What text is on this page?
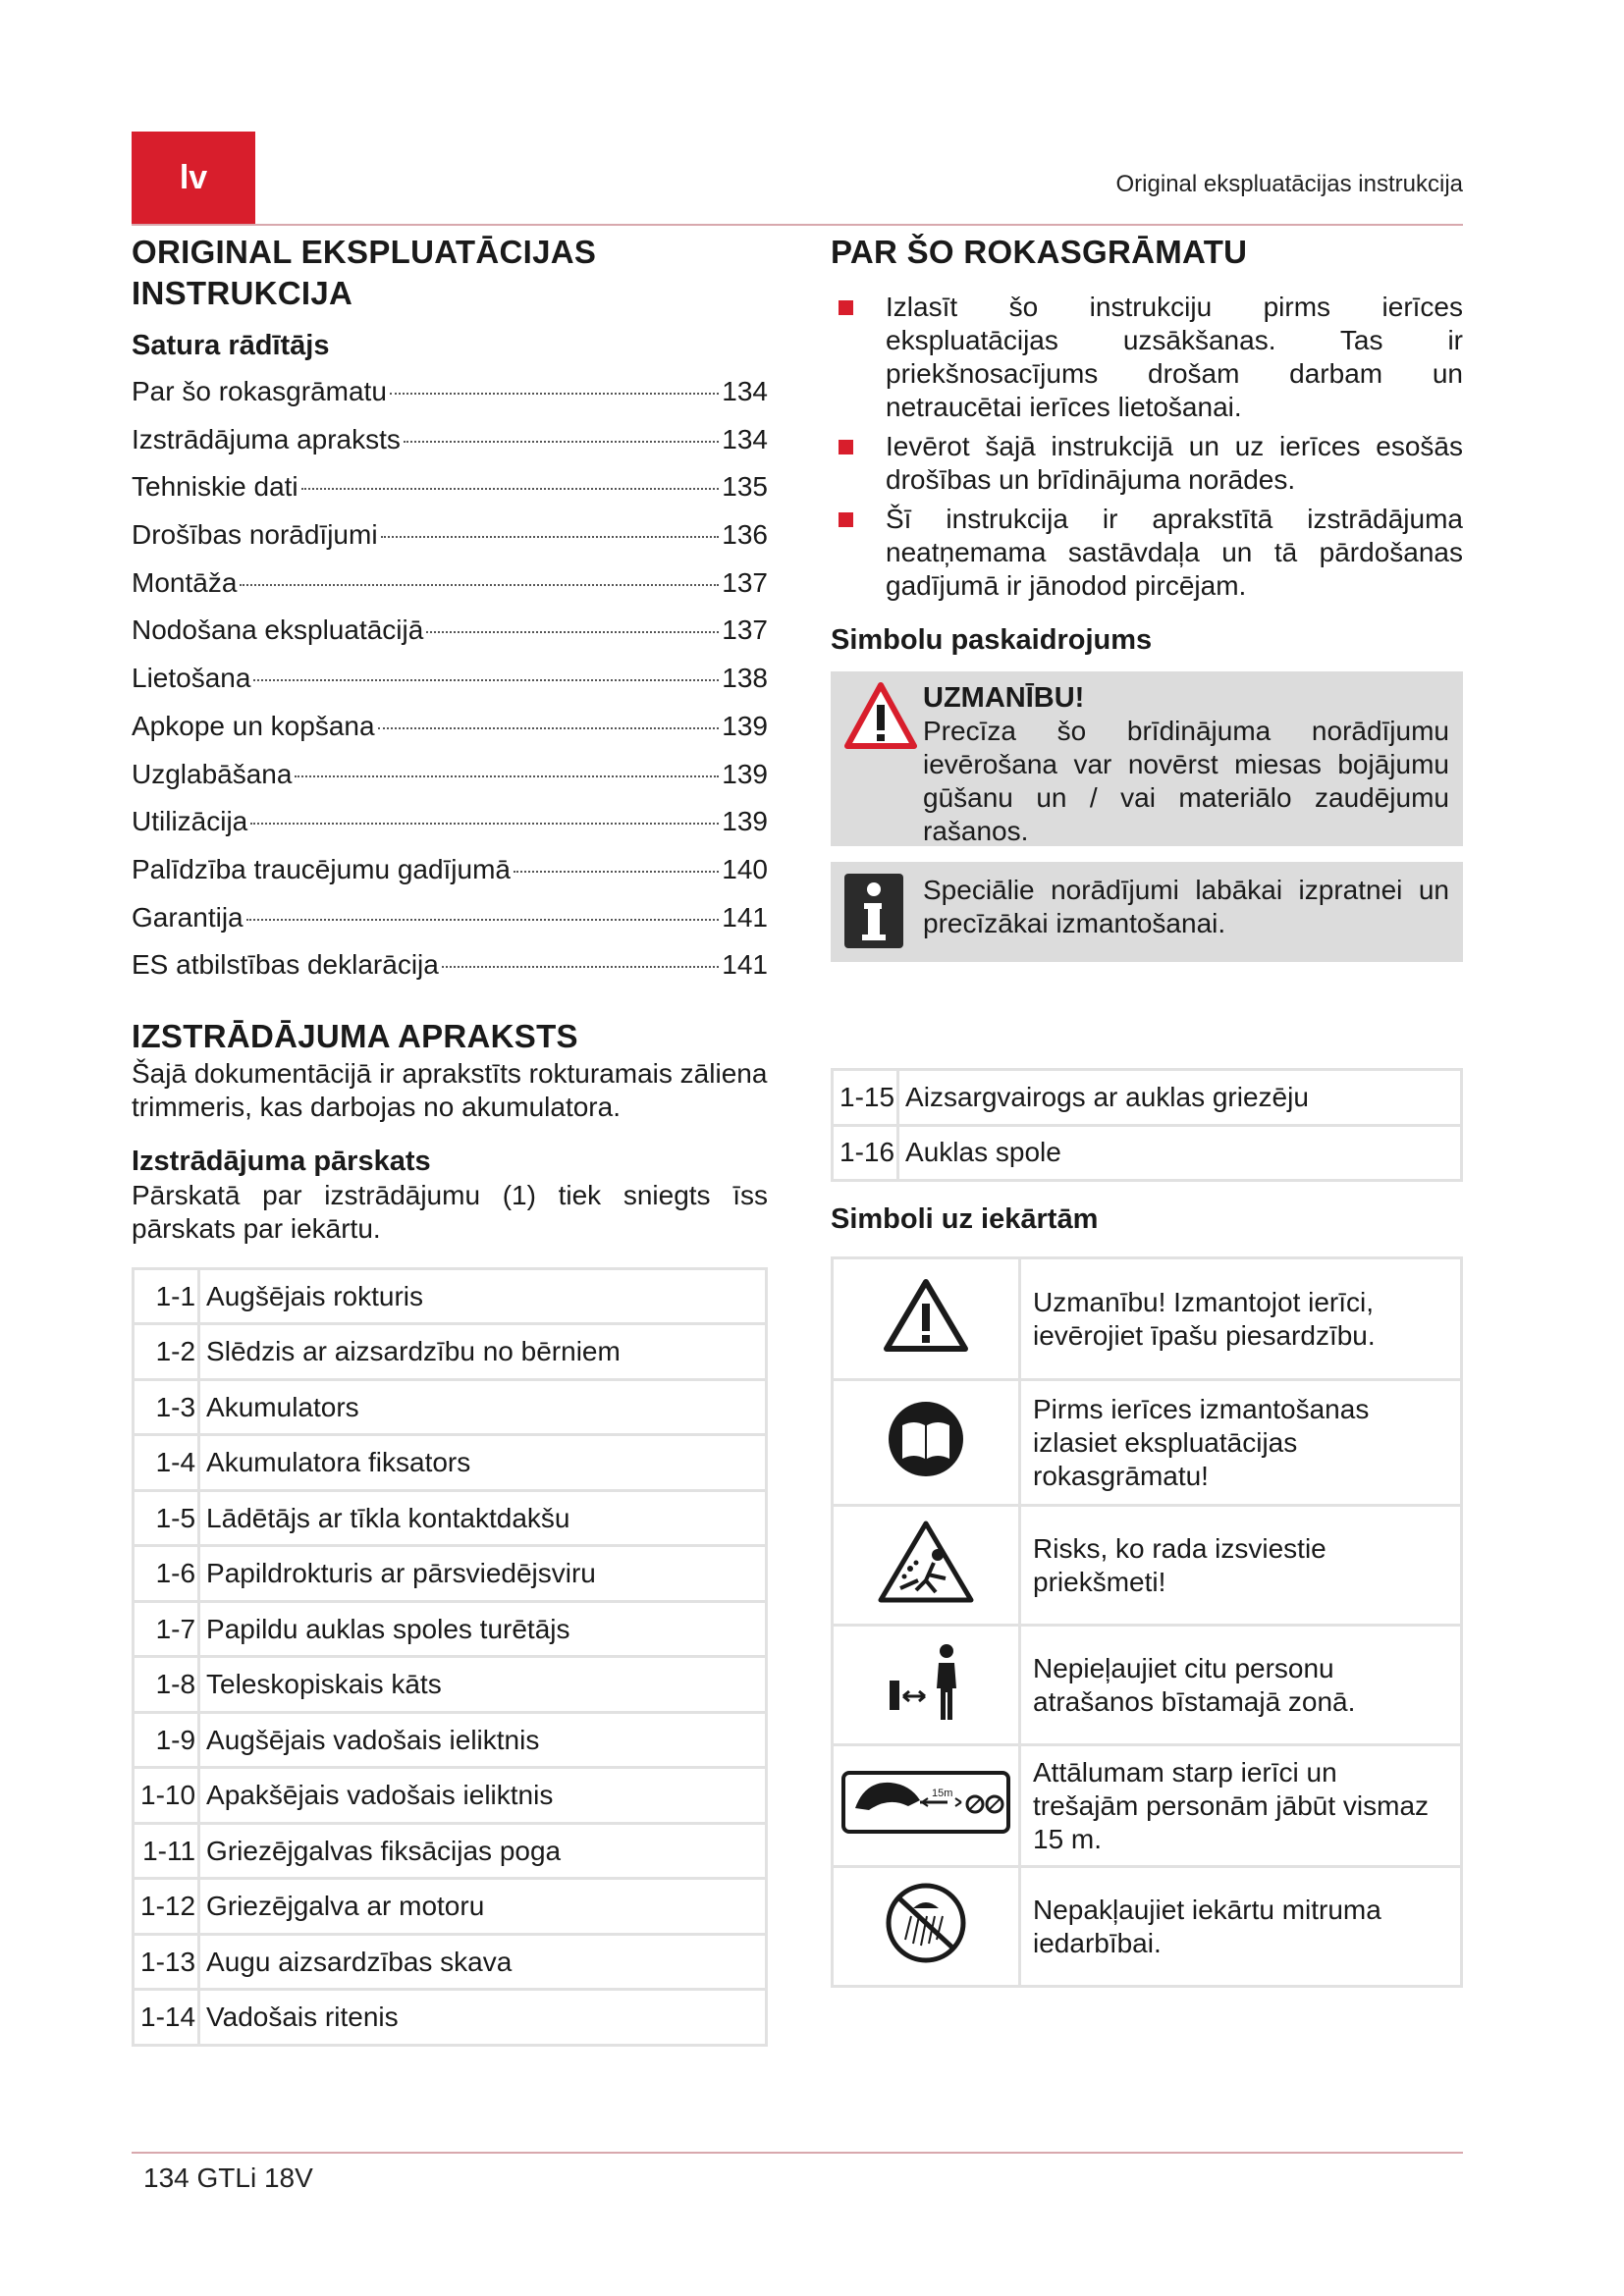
lv	Original ekspluatācijas instrukcija
ORIGINAL EKSPLUATĀCIJAS
INSTRUKCIJA
Satura rādītājs
Par šo rokasgrāmatu	134
Izstrādājuma apraksts	134
Tehniskie dati	135
Drošības norādījumi	136
Montāža	137
Nodošana ekspluatācijā	137
Lietošana	138
Apkope un kopšana	139
Uzglabāšana	139
Utilizācija	139
Palīdzība traucējumu gadījumā	140
Garantija	141
ES atbilstības deklarācija	141
IZSTRĀDĀJUMA APRAKSTS

Šajā dokumentācijā ir aprakstīts rokturamais zāliena trimmeris, kas darbojas no akumulatora.

Izstrādājuma pārskats

Pārskatā par izstrādājumu (1) tiek sniegts īss pārskats par iekārtu.

1-1	Augšējais rokturis
1-2	Slēdzis ar aizsardzību no bērniem
1-3	Akumulators
1-4	Akumulatora fiksators
1-5	Lādētājs ar tīkla kontaktdakšu
1-6	Papildrokturis ar pārsviedējsviru
1-7	Papildu auklas spoles turētājs
1-8	Teleskopiskais kāts
1-9	Augšējais vadošais ieliktnis
1-10	Apakšējais vadošais ieliktnis
1-11	Griezējgalvas fiksācijas poga
1-12	Griezējgalva ar motoru
1-13	Augu aizsardzības skava
1-14	Vadošais ritenis
PAR ŠO ROKASGRĀMATU
Izlasīt šo instrukciju pirms ierīces ekspluatācijas uzsākšanas. Tas ir priekšnosacījums drošam darbam un netraucētai ierīces lietošanai.
Ievērot šajā instrukcijā un uz ierīces esošās drošības un brīdinājuma norādes.
Šī instrukcija ir aprakstītā izstrādājuma neatņemama sastāvdaļa un tā pārdošanas gadījumā ir jānodod pircējam.
Simbolu paskaidrojums
UZMANĪBU!
Precīza šo brīdinājuma norādījumu ievērošana var novērst miesas bojājumu gūšanu un / vai materiālo zaudējumu rašanos.
Speciālie norādījumi labākai izpratnei un precīzākai izmantošanai.
1-15	Aizsargvairogs ar auklas griezēju
1-16	Auklas spole
Simboli uz iekārtām
	Uzmanību! Izmantojot ierīci, ievērojiet īpašu piesardzību.
	Pirms ierīces izmantošanas izlasiet ekspluatācijas rokasgrāmatu!
	Risks, ko rada izsviestie priekšmeti!
	Nepieļaujiet citu personu atrašanos bīstamajā zonā.

15m	Attālumam starp ierīci un trešajām personām jābūt vismaz 15 m.
	Nepakļaujiet iekārtu mitruma iedarbībai.
134 GTLi 18V
